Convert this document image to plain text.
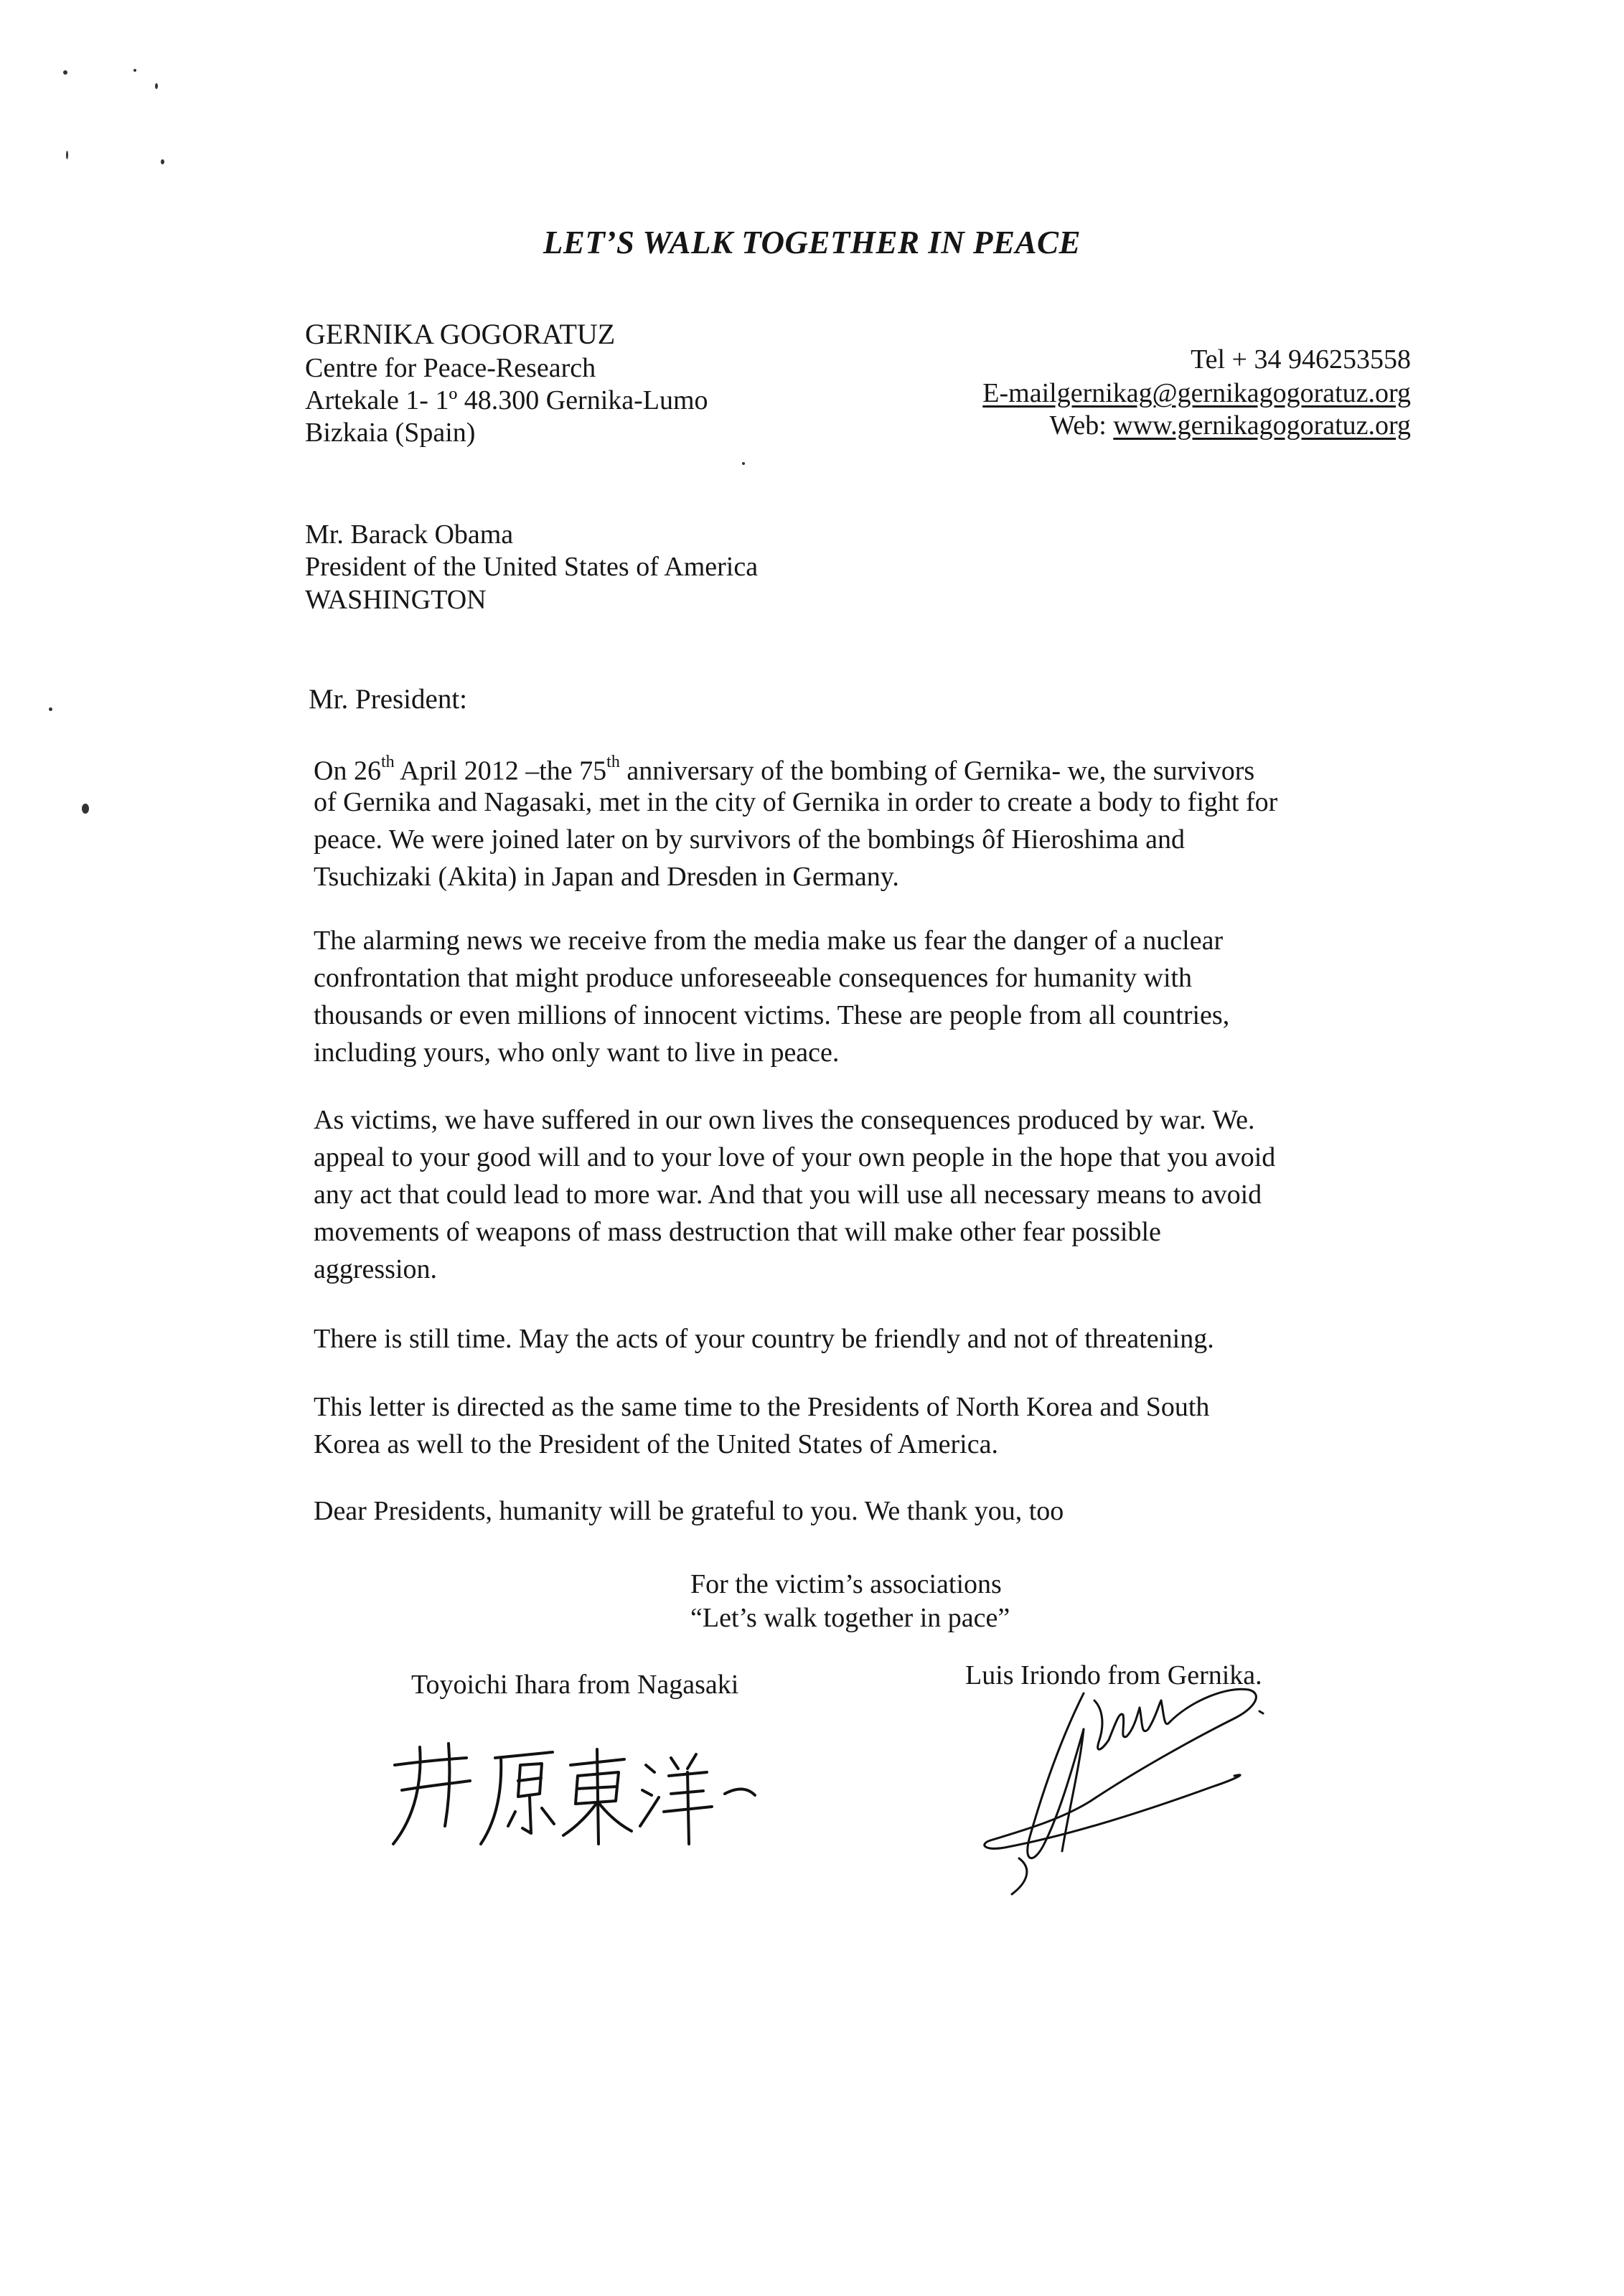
LET’S WALK TOGETHER IN PEACE
GERNIKA GOGORATUZ
Centre for Peace-Research
Artekale 1- 1º 48.300 Gernika-Lumo
Bizkaia (Spain)
Tel + 34 946253558
E-mailgernikag@gernikagogoratuz.org
Web: www.gernikagogoratuz.org
Mr. Barack Obama
President of the United States of America
WASHINGTON
Mr. President:
On 26th April 2012 –the 75th anniversary of the bombing of Gernika- we, the survivors
of Gernika and Nagasaki, met in the city of Gernika in order to create a body to fight for
peace. We were joined later on by survivors of the bombings ôf Hieroshima and
Tsuchizaki (Akita) in Japan and Dresden in Germany.
The alarming news we receive from the media make us fear the danger of a nuclear
confrontation that might produce unforeseeable consequences for humanity with
thousands or even millions of innocent victims. These are people from all countries,
including yours, who only want to live in peace.
As victims, we have suffered in our own lives the consequences produced by war. We.
appeal to your good will and to your love of your own people in the hope that you avoid
any act that could lead to more war. And that you will use all necessary means to avoid
movements of weapons of mass destruction that will make other fear possible
aggression.
There is still time. May the acts of your country be friendly and not of threatening.
This letter is directed as the same time to the Presidents of North Korea and South
Korea as well to the President of the United States of America.
Dear Presidents, humanity will be grateful to you. We thank you, too
For the victim’s associations
“Let’s walk together in pace”
Toyoichi Ihara from Nagasaki	Luis Iriondo from Gernika.
